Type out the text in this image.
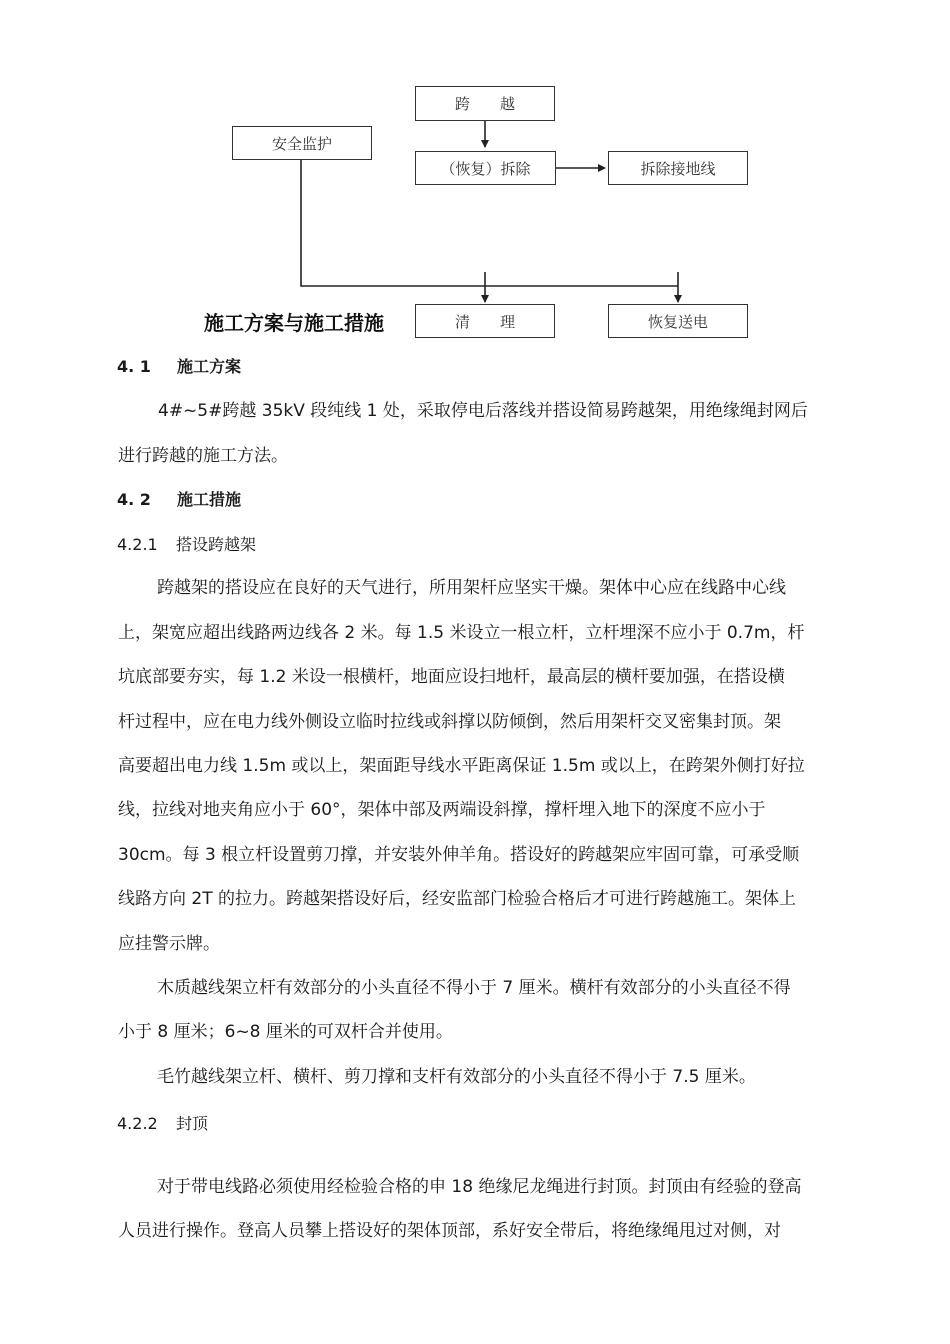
跨　　越
安全监护
（恢复）拆除	拆除接地线
清　　理	恢复送电
施工方案与施工措施
4. 1 施工方案
4#~5#跨越 35kV 段纯线 1 处，采取停电后落线并搭设简易跨越架，用绝缘绳封网后
进行跨越的施工方法。
4. 2 施工措施
4.2.1 搭设跨越架
跨越架的搭设应在良好的天气进行，所用架杆应坚实干燥。架体中心应在线路中心线
上，架宽应超出线路两边线各 2 米。每 1.5 米设立一根立杆，立杆埋深不应小于 0.7m，杆
坑底部要夯实，每 1.2 米设一根横杆，地面应设扫地杆，最高层的横杆要加强，在搭设横
杆过程中，应在电力线外侧设立临时拉线或斜撑以防倾倒，然后用架杆交叉密集封顶。架
高要超出电力线 1.5m 或以上，架面距导线水平距离保证 1.5m 或以上，在跨架外侧打好拉
线，拉线对地夹角应小于 60°，架体中部及两端设斜撑，撑杆埋入地下的深度不应小于
30cm。每 3 根立杆设置剪刀撑，并安装外伸羊角。搭设好的跨越架应牢固可靠，可承受顺
线路方向 2T 的拉力。跨越架搭设好后，经安监部门检验合格后才可进行跨越施工。架体上
应挂警示牌。
木质越线架立杆有效部分的小头直径不得小于 7 厘米。横杆有效部分的小头直径不得
小于 8 厘米；6~8 厘米的可双杆合并使用。
毛竹越线架立杆、横杆、剪刀撑和支杆有效部分的小头直径不得小于 7.5 厘米。
4.2.2 封顶
对于带电线路必须使用经检验合格的申 18 绝缘尼龙绳进行封顶。封顶由有经验的登高
人员进行操作。登高人员攀上搭设好的架体顶部，系好安全带后，将绝缘绳甩过对侧，对
